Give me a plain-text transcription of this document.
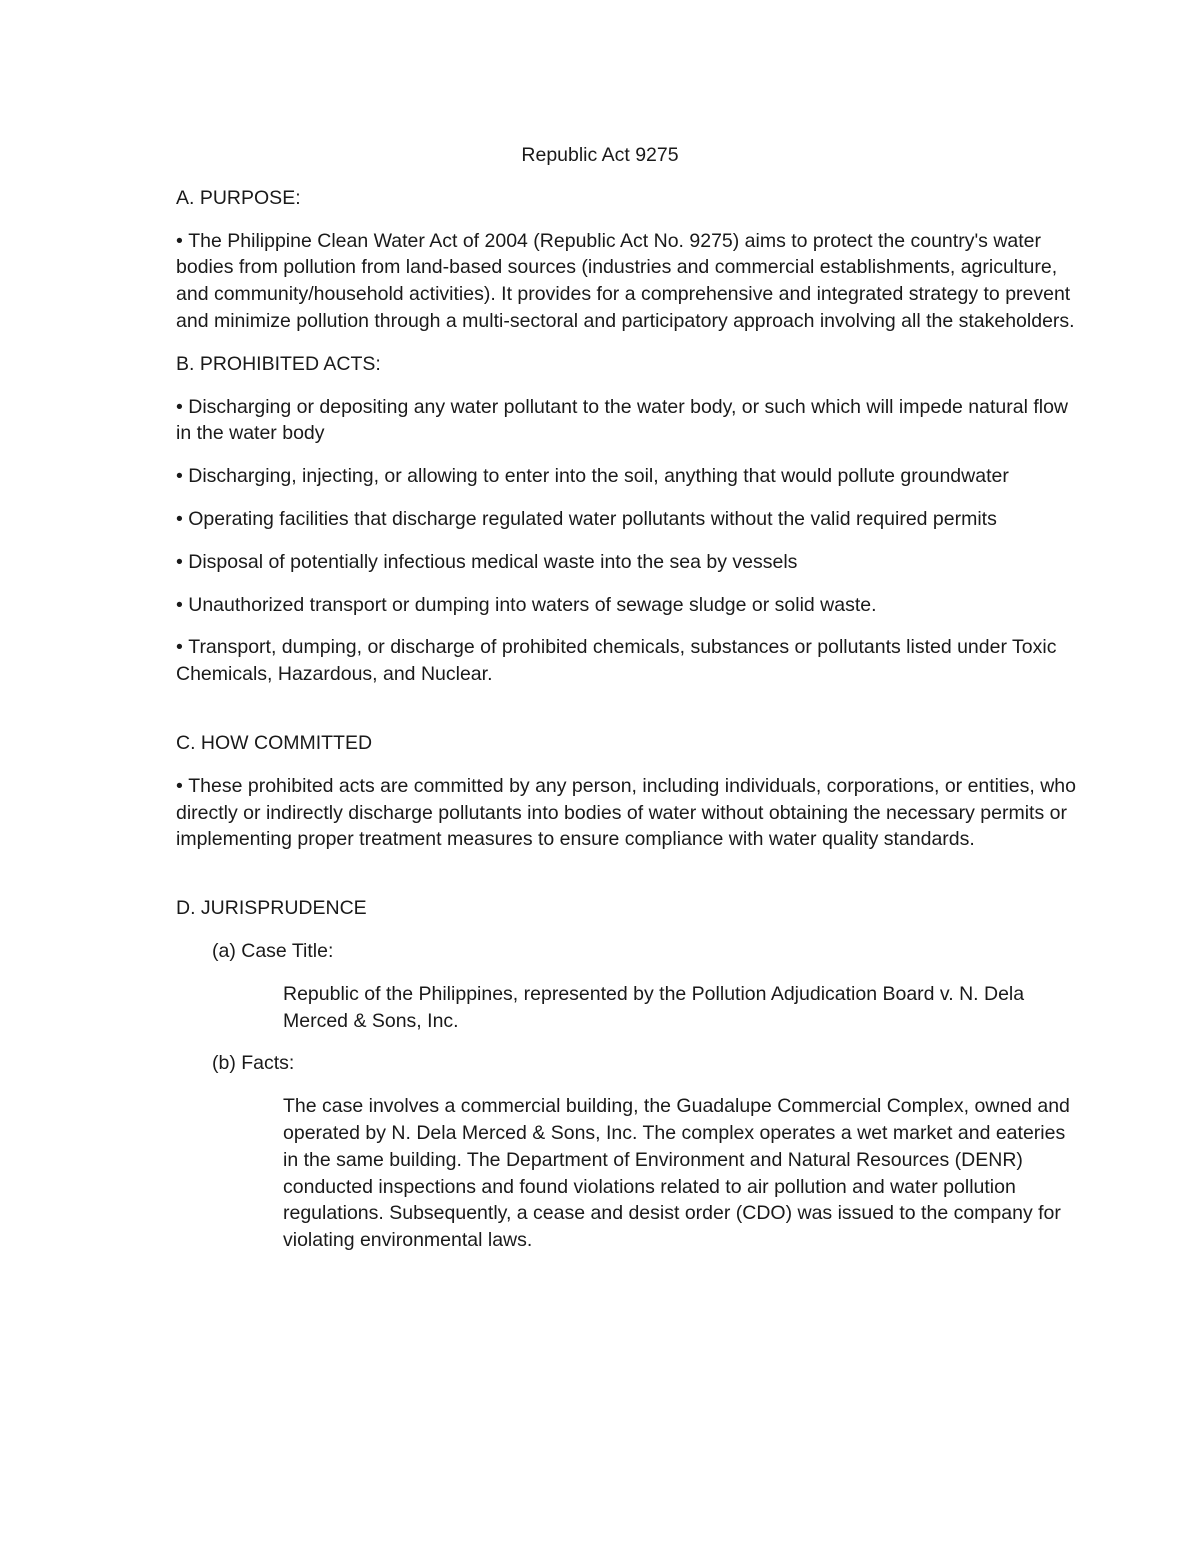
Republic Act 9275
A. PURPOSE:
• The Philippine Clean Water Act of 2004 (Republic Act No. 9275) aims to protect the country's water bodies from pollution from land-based sources (industries and commercial establishments, agriculture, and community/household activities). It provides for a comprehensive and integrated strategy to prevent and minimize pollution through a multi-sectoral and participatory approach involving all the stakeholders.
B. PROHIBITED ACTS:
• Discharging or depositing any water pollutant to the water body, or such which will impede natural flow in the water body
• Discharging, injecting, or allowing to enter into the soil, anything that would pollute groundwater
• Operating facilities that discharge regulated water pollutants without the valid required permits
• Disposal of potentially infectious medical waste into the sea by vessels
• Unauthorized transport or dumping into waters of sewage sludge or solid waste.
• Transport, dumping, or discharge of prohibited chemicals, substances or pollutants listed under Toxic Chemicals, Hazardous, and Nuclear.
C. HOW COMMITTED
• These prohibited acts are committed by any person, including individuals, corporations, or entities, who directly or indirectly discharge pollutants into bodies of water without obtaining the necessary permits or implementing proper treatment measures to ensure compliance with water quality standards.
D. JURISPRUDENCE
(a) Case Title:
Republic of the Philippines, represented by the Pollution Adjudication Board v. N. Dela Merced & Sons, Inc.
(b) Facts:
The case involves a commercial building, the Guadalupe Commercial Complex, owned and operated by N. Dela Merced & Sons, Inc. The complex operates a wet market and eateries in the same building. The Department of Environment and Natural Resources (DENR) conducted inspections and found violations related to air pollution and water pollution regulations. Subsequently, a cease and desist order (CDO) was issued to the company for violating environmental laws.
